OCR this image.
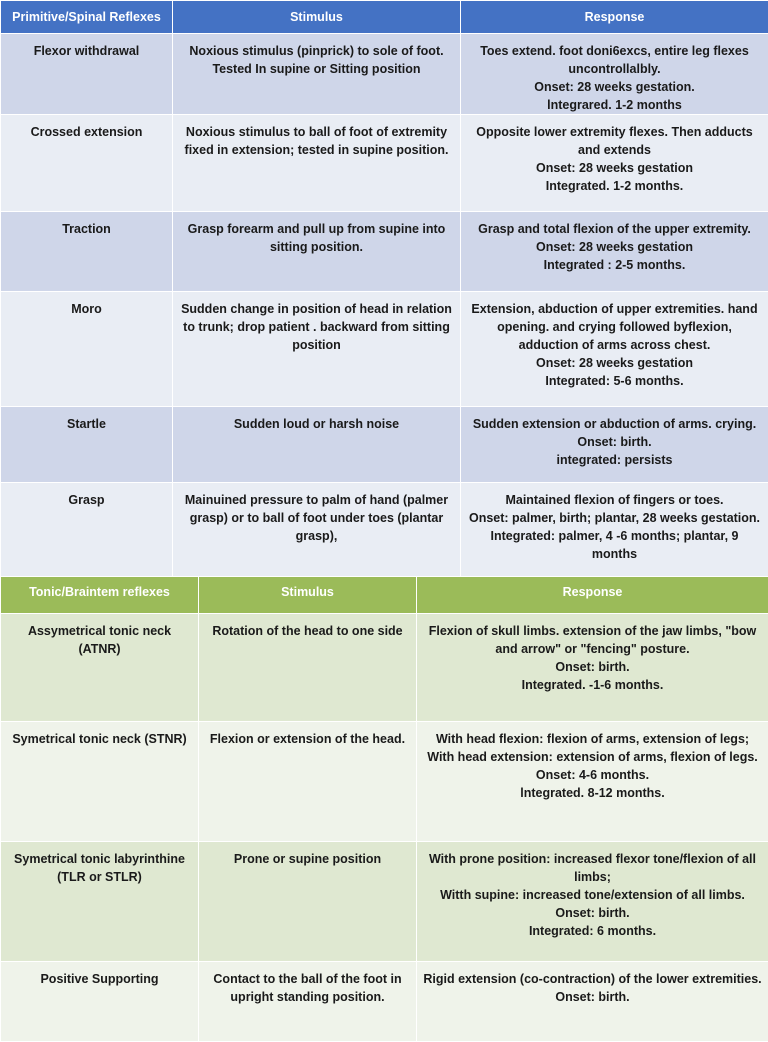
Primitive/Spinal Reflexes	Stimulus	Response

Flexor withdrawal	Noxious stimulus (pinprick) to sole of foot. Tested In supine or Sitting position	Toes extend. foot doni6excs, entire leg flexes uncontrollalbly.
Onset: 28 weeks gestation.
lntegrared. 1-2 months

Crossed extension	Noxious stimulus to ball of foot of extremity fixed in extension; tested in supine position.	Opposite lower extremity flexes. Then adducts and extends
Onset: 28 weeks gestation
Integrated. 1-2 months.

Traction	Grasp forearm and pull up from supine into sitting position.	Grasp and total flexion of the upper extremity.
Onset: 28 weeks gestation
Integrated : 2-5 months.

Moro	Sudden change in position of head in relation to trunk; drop patient . backward from sitting position	Extension, abduction of upper extremities. hand opening. and crying followed byflexion, adduction of arms across chest.
Onset: 28 weeks gestation
Integrated: 5-6 months.

Startle	Sudden loud or harsh noise	Sudden extension or abduction of arms. crying.
Onset: birth.
integrated: persists

Grasp	Mainuined pressure to palm of hand (palmer grasp) or to ball of foot under toes (plantar grasp),	Maintained flexion of fingers or toes.
Onset: palmer, birth; plantar, 28 weeks gestation.
Integrated: palmer, 4 -6 months; plantar, 9 months
Tonic/Braintem reflexes	Stimulus	Response

Assymetrical tonic neck (ATNR)	Rotation of the head to one side	Flexion of skull limbs. extension of the jaw limbs, "bow and arrow" or "fencing" posture.
Onset: birth.
Integrated. -1-6 months.

Symetrical tonic neck (STNR)	Flexion or extension of the head.	With head flexion: flexion of arms, extension of legs;
With head extension: extension of arms, flexion of legs.
Onset: 4-6 months.
lntegrated. 8-12 months.

Symetrical tonic labyrinthine (TLR or STLR)	Prone or supine position	With prone position: increased flexor tone/flexion of all limbs;
Witth supine: increased tone/extension of all limbs.
Onset: birth.
Integrated: 6 months.

Positive Supporting	Contact to the ball of the foot in upright standing position.	Rigid extension (co-contraction) of the lower extremities.
Onset: birth.
